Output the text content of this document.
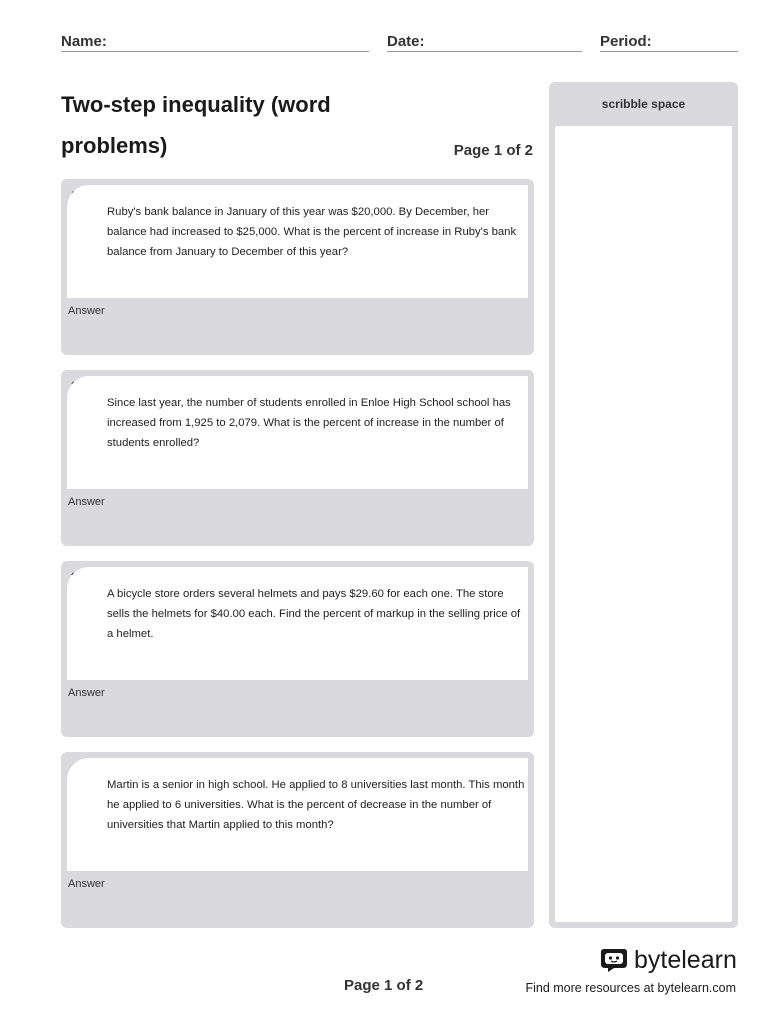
Name:	Date:	Period:
Two-step inequality (word problems)	Page 1 of 2
scribble space
Ruby's bank balance in January of this year was $20,000. By December, her balance had increased to $25,000. What is the percent of increase in Ruby's bank balance from January to December of this year?
Answer
Since last year, the number of students enrolled in Enloe High School school has increased from 1,925 to 2,079. What is the percent of increase in the number of students enrolled?
Answer
A bicycle store orders several helmets and pays $29.60 for each one. The store sells the helmets for $40.00 each. Find the percent of markup in the selling price of a helmet.
Answer
Martin is a senior in high school. He applied to 8 universities last month. This month he applied to 6 universities. What is the percent of decrease in the number of universities that Martin applied to this month?
Answer
bytelearn
Find more resources at bytelearn.com
Page 1 of 2
